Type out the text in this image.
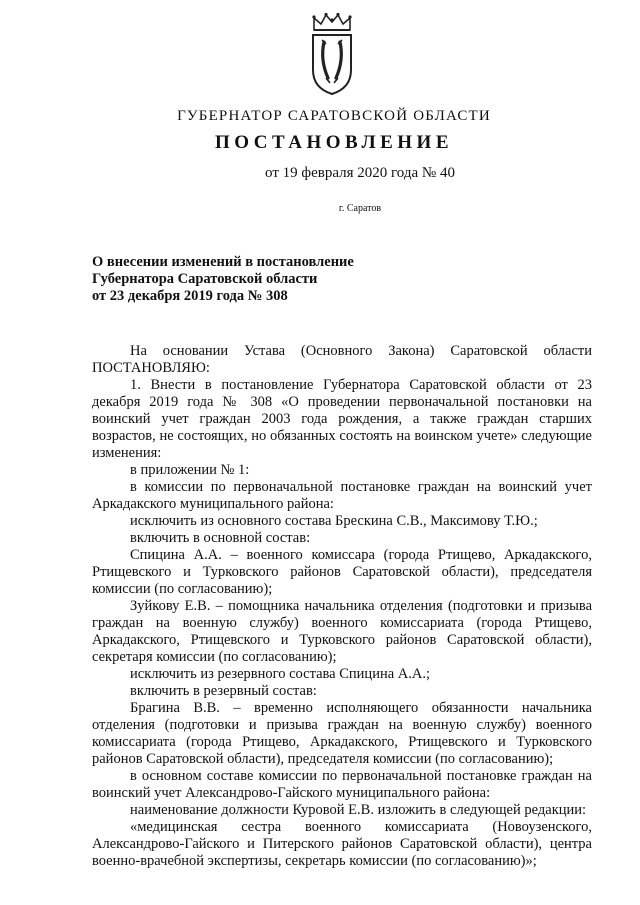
ГУБЕРНАТОР САРАТОВСКОЙ ОБЛАСТИ
ПОСТАНОВЛЕНИЕ
от 19 февраля 2020 года № 40
г. Саратов
О внесении изменений в постановление
Губернатора Саратовской области
от 23 декабря 2019 года № 308

На основании Устава (Основного Закона) Саратовской области ПОСТАНОВЛЯЮ:

1. Внести в постановление Губернатора Саратовской области от 23 декабря 2019 года № 308 «О проведении первоначальной постановки на воинский учет граждан 2003 года рождения, а также граждан старших возрастов, не состоящих, но обязанных состоять на воинском учете» следующие изменения:

в приложении № 1:

в комиссии по первоначальной постановке граждан на воинский учет Аркадакского муниципального района:

исключить из основного состава Брескина С.В., Максимову Т.Ю.;

включить в основной состав:

Спицина А.А. – военного комиссара (города Ртищево, Аркадакского, Ртищевского и Турковского районов Саратовской области), председателя комиссии (по согласованию);

Зуйкову Е.В. – помощника начальника отделения (подготовки и призыва граждан на военную службу) военного комиссариата (города Ртищево, Аркадакского, Ртищевского и Турковского районов Саратовской области), секретаря комиссии (по согласованию);

исключить из резервного состава Спицина А.А.;

включить в резервный состав:

Брагина В.В. – временно исполняющего обязанности начальника отделения (подготовки и призыва граждан на военную службу) военного комиссариата (города Ртищево, Аркадакского, Ртищевского и Турковского районов Саратовской области), председателя комиссии (по согласованию);

в основном составе комиссии по первоначальной постановке граждан на воинский учет Александрово-Гайского муниципального района:

наименование должности Куровой Е.В. изложить в следующей редакции:

«медицинская сестра военного комиссариата (Новоузенского, Александрово-Гайского и Питерского районов Саратовской области), центра военно-врачебной экспертизы, секретарь комиссии (по согласованию)»;
